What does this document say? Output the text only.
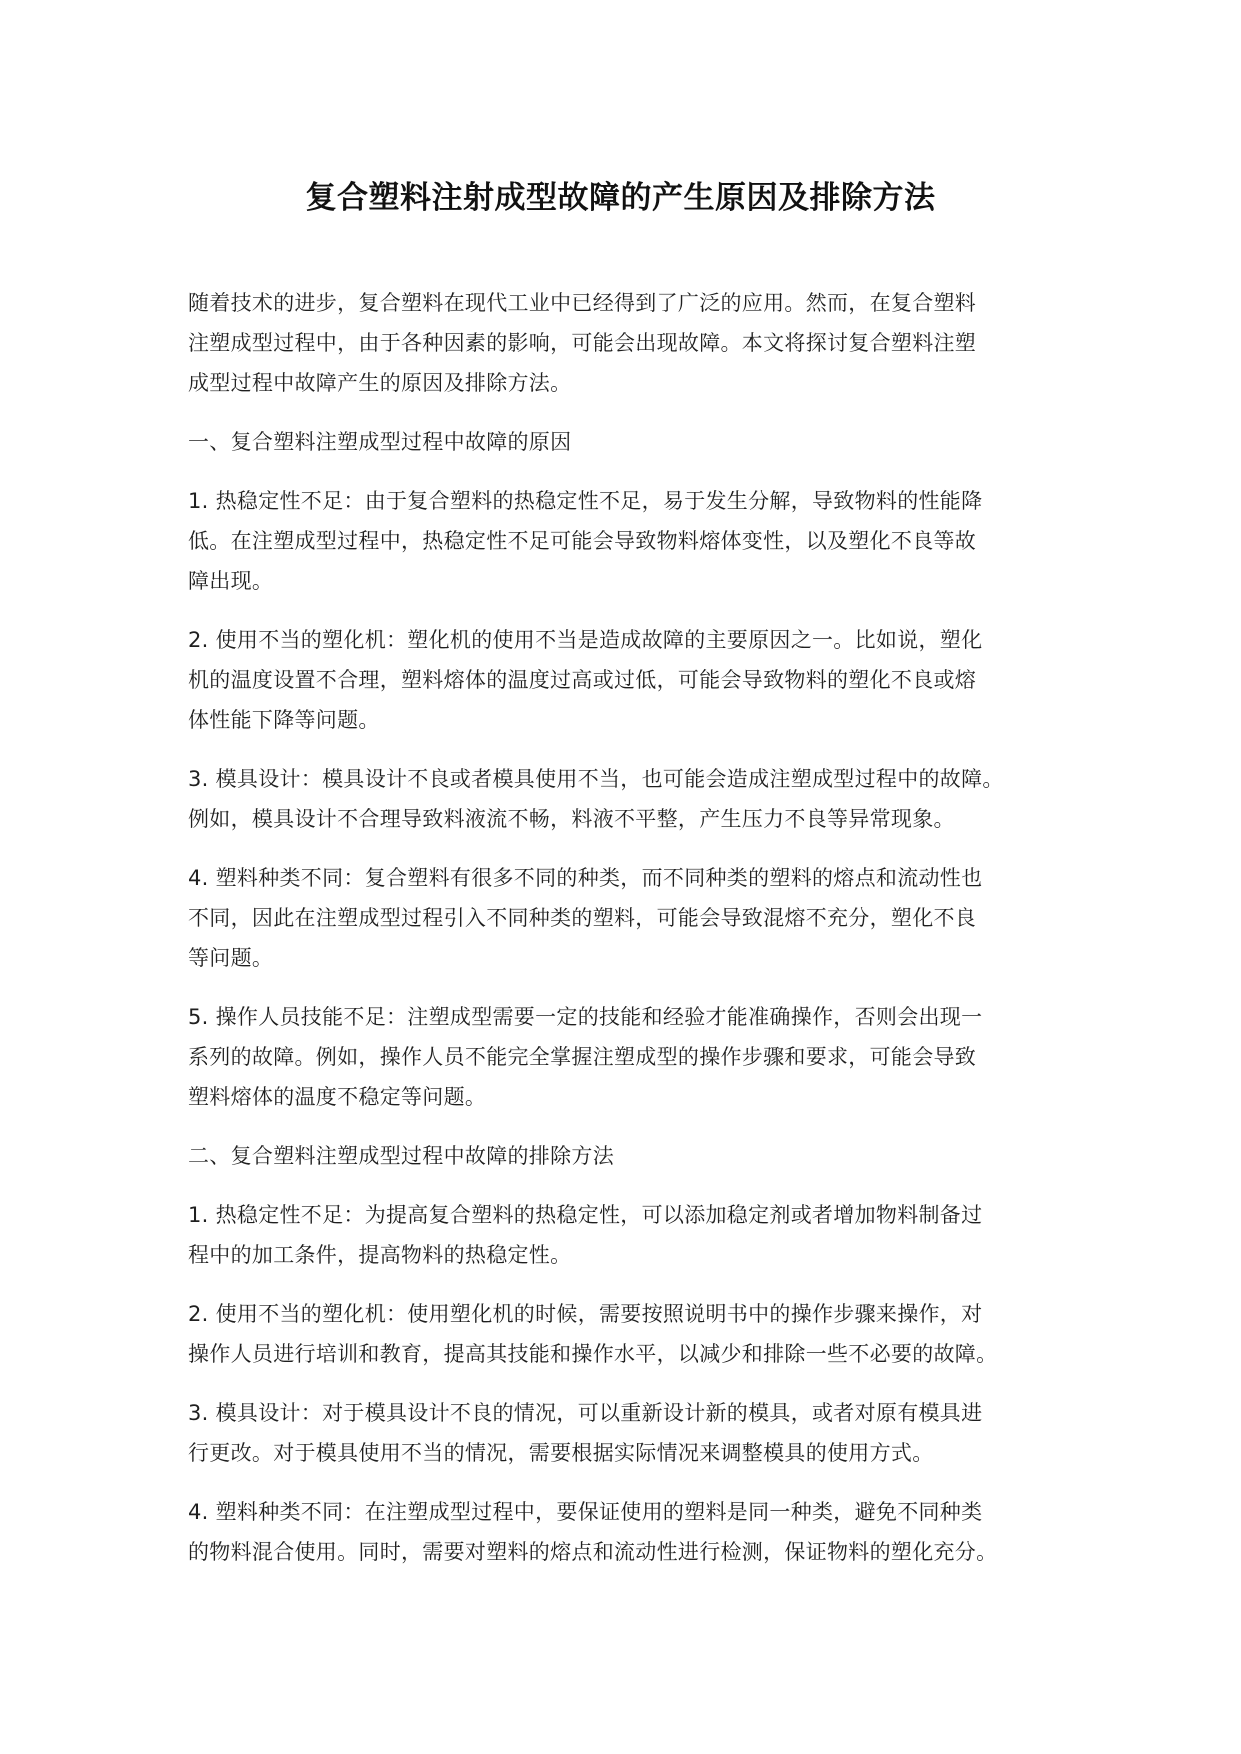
复合塑料注射成型故障的产生原因及排除方法

随着技术的进步，复合塑料在现代工业中已经得到了广泛的应用。然而，在复合塑料
注塑成型过程中，由于各种因素的影响，可能会出现故障。本文将探讨复合塑料注塑
成型过程中故障产生的原因及排除方法。

一、复合塑料注塑成型过程中故障的原因

1. 热稳定性不足：由于复合塑料的热稳定性不足，易于发生分解，导致物料的性能降
低。在注塑成型过程中，热稳定性不足可能会导致物料熔体变性，以及塑化不良等故
障出现。

2. 使用不当的塑化机：塑化机的使用不当是造成故障的主要原因之一。比如说，塑化
机的温度设置不合理，塑料熔体的温度过高或过低，可能会导致物料的塑化不良或熔
体性能下降等问题。

3. 模具设计：模具设计不良或者模具使用不当，也可能会造成注塑成型过程中的故障。
例如，模具设计不合理导致料液流不畅，料液不平整，产生压力不良等异常现象。

4. 塑料种类不同：复合塑料有很多不同的种类，而不同种类的塑料的熔点和流动性也
不同，因此在注塑成型过程引入不同种类的塑料，可能会导致混熔不充分，塑化不良
等问题。

5. 操作人员技能不足：注塑成型需要一定的技能和经验才能准确操作，否则会出现一
系列的故障。例如，操作人员不能完全掌握注塑成型的操作步骤和要求，可能会导致
塑料熔体的温度不稳定等问题。

二、复合塑料注塑成型过程中故障的排除方法

1. 热稳定性不足：为提高复合塑料的热稳定性，可以添加稳定剂或者增加物料制备过
程中的加工条件，提高物料的热稳定性。

2. 使用不当的塑化机：使用塑化机的时候，需要按照说明书中的操作步骤来操作，对
操作人员进行培训和教育，提高其技能和操作水平，以减少和排除一些不必要的故障。

3. 模具设计：对于模具设计不良的情况，可以重新设计新的模具，或者对原有模具进
行更改。对于模具使用不当的情况，需要根据实际情况来调整模具的使用方式。

4. 塑料种类不同：在注塑成型过程中，要保证使用的塑料是同一种类，避免不同种类
的物料混合使用。同时，需要对塑料的熔点和流动性进行检测，保证物料的塑化充分。
